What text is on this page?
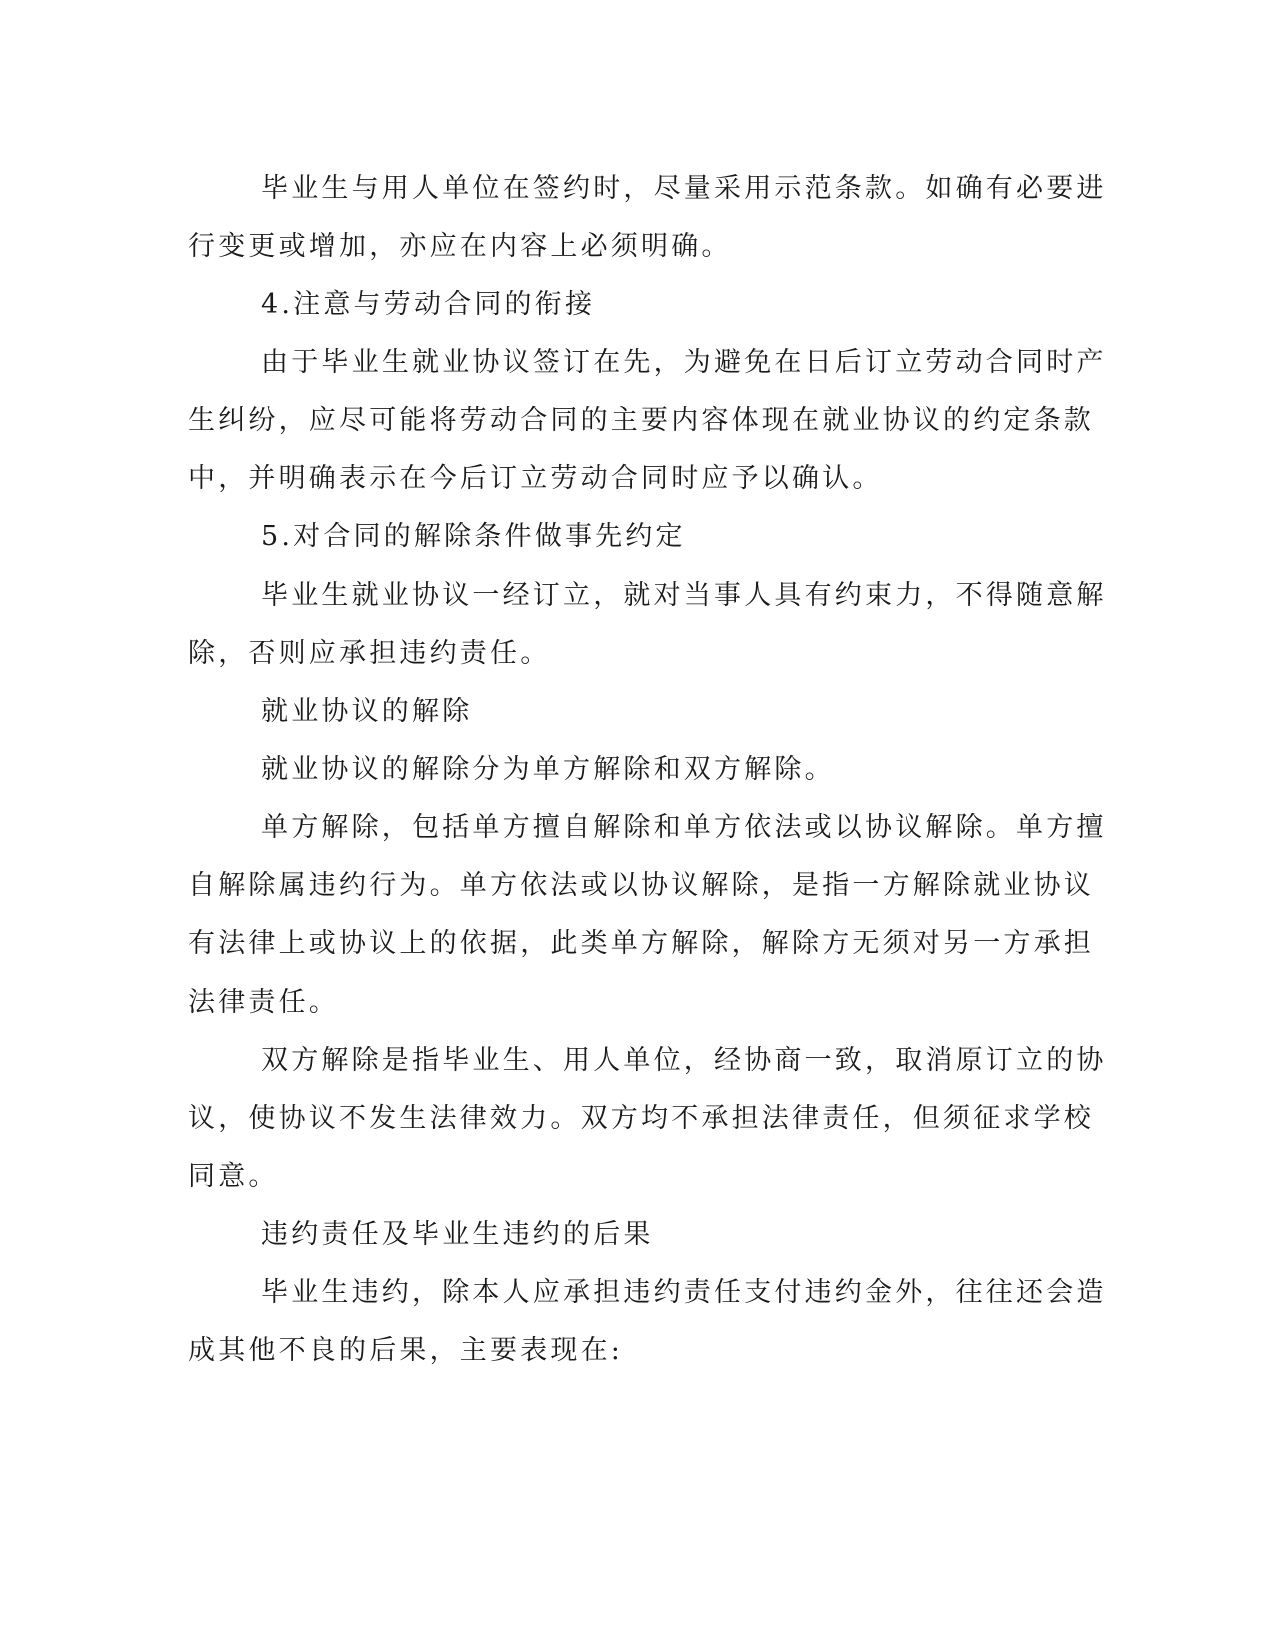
毕业生与用人单位在签约时，尽量采用示范条款。如确有必要进
行变更或增加，亦应在内容上必须明确。
4.注意与劳动合同的衔接
由于毕业生就业协议签订在先，为避免在日后订立劳动合同时产
生纠纷，应尽可能将劳动合同的主要内容体现在就业协议的约定条款
中，并明确表示在今后订立劳动合同时应予以确认。
5.对合同的解除条件做事先约定
毕业生就业协议一经订立，就对当事人具有约束力，不得随意解
除，否则应承担违约责任。
就业协议的解除
就业协议的解除分为单方解除和双方解除。
单方解除，包括单方擅自解除和单方依法或以协议解除。单方擅
自解除属违约行为。单方依法或以协议解除，是指一方解除就业协议
有法律上或协议上的依据，此类单方解除，解除方无须对另一方承担
法律责任。
双方解除是指毕业生、用人单位，经协商一致，取消原订立的协
议，使协议不发生法律效力。双方均不承担法律责任，但须征求学校
同意。
违约责任及毕业生违约的后果
毕业生违约，除本人应承担违约责任支付违约金外，往往还会造
成其他不良的后果，主要表现在:
